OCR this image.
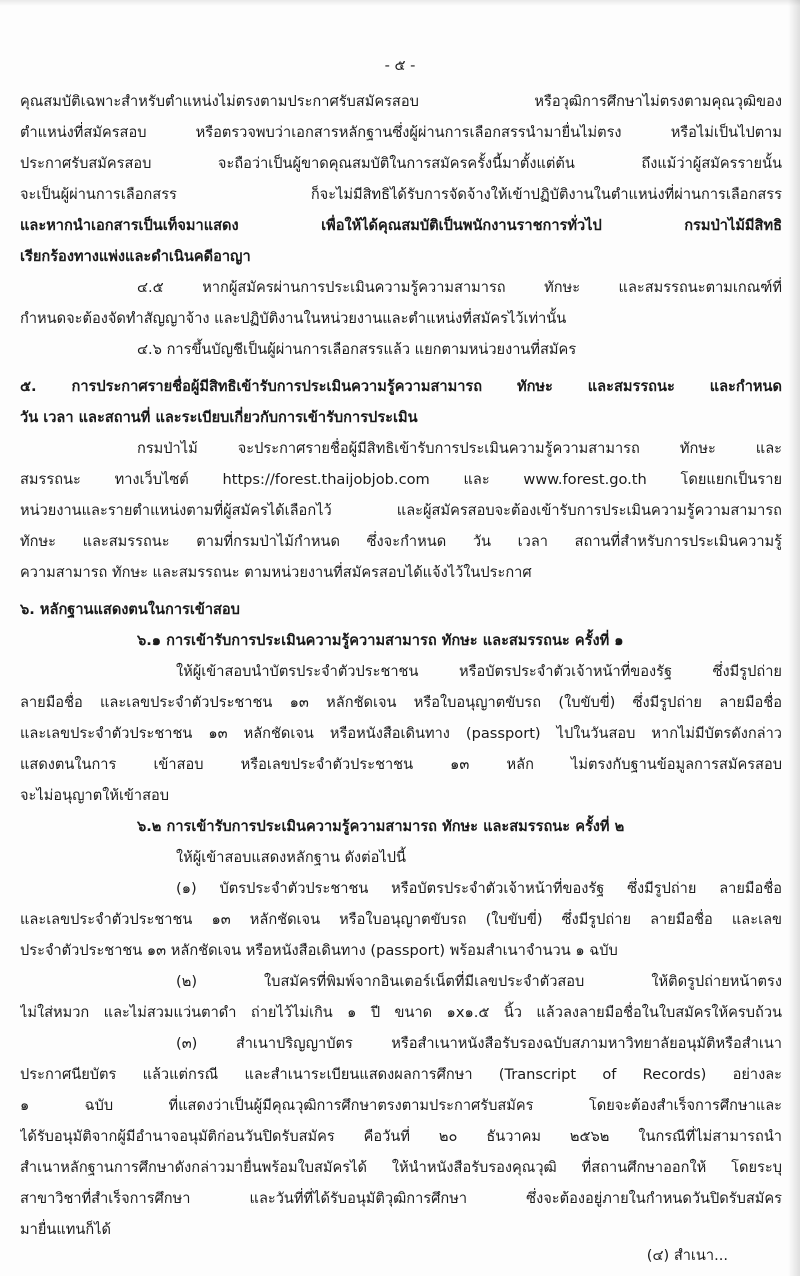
- ๕ -
คุณสมบัติเฉพาะสำหรับตำแหน่งไม่ตรงตามประกาศรับสมัครสอบ หรือวุฒิการศึกษาไม่ตรงตามคุณวุฒิของ
ตำแหน่งที่สมัครสอบ หรือตรวจพบว่าเอกสารหลักฐานซึ่งผู้ผ่านการเลือกสรรนำมายื่นไม่ตรง หรือไม่เป็นไปตาม
ประกาศรับสมัครสอบ จะถือว่าเป็นผู้ขาดคุณสมบัติในการสมัครครั้งนี้มาตั้งแต่ต้น ถึงแม้ว่าผู้สมัครรายนั้น
จะเป็นผู้ผ่านการเลือกสรร ก็จะไม่มีสิทธิได้รับการจัดจ้างให้เข้าปฏิบัติงานในตำแหน่งที่ผ่านการเลือกสรร
และหากนำเอกสารเป็นเท็จมาแสดง เพื่อให้ได้คุณสมบัติเป็นพนักงานราชการทั่วไป กรมป่าไม้มีสิทธิ
เรียกร้องทางแพ่งและดำเนินคดีอาญา
๔.๕ หากผู้สมัครผ่านการประเมินความรู้ความสามารถ ทักษะ และสมรรถนะตามเกณฑ์ที่
กำหนดจะต้องจัดทำสัญญาจ้าง และปฏิบัติงานในหน่วยงานและตำแหน่งที่สมัครไว้เท่านั้น
๔.๖ การขึ้นบัญชีเป็นผู้ผ่านการเลือกสรรแล้ว แยกตามหน่วยงานที่สมัคร
๕. การประกาศรายชื่อผู้มีสิทธิเข้ารับการประเมินความรู้ความสามารถ ทักษะ และสมรรถนะ และกำหนด
วัน เวลา และสถานที่ และระเบียบเกี่ยวกับการเข้ารับการประเมิน
กรมป่าไม้ จะประกาศรายชื่อผู้มีสิทธิเข้ารับการประเมินความรู้ความสามารถ ทักษะ และ
สมรรถนะ ทางเว็บไซต์ https://forest.thaijobjob.com และ www.forest.go.th โดยแยกเป็นราย
หน่วยงานและรายตำแหน่งตามที่ผู้สมัครได้เลือกไว้ และผู้สมัครสอบจะต้องเข้ารับการประเมินความรู้ความสามารถ
ทักษะ และสมรรถนะ ตามที่กรมป่าไม้กำหนด ซึ่งจะกำหนด วัน เวลา สถานที่สำหรับการประเมินความรู้
ความสามารถ ทักษะ และสมรรถนะ ตามหน่วยงานที่สมัครสอบได้แจ้งไว้ในประกาศ
๖. หลักฐานแสดงตนในการเข้าสอบ
๖.๑ การเข้ารับการประเมินความรู้ความสามารถ ทักษะ และสมรรถนะ ครั้งที่ ๑
ให้ผู้เข้าสอบนำบัตรประจำตัวประชาชน หรือบัตรประจำตัวเจ้าหน้าที่ของรัฐ ซึ่งมีรูปถ่าย
ลายมือชื่อ และเลขประจำตัวประชาชน ๑๓ หลักชัดเจน หรือใบอนุญาตขับรถ (ใบขับขี่) ซึ่งมีรูปถ่าย ลายมือชื่อ
และเลขประจำตัวประชาชน ๑๓ หลักชัดเจน หรือหนังสือเดินทาง (passport) ไปในวันสอบ หากไม่มีบัตรดังกล่าว
แสดงตนในการ เข้าสอบ หรือเลขประจำตัวประชาชน ๑๓ หลัก ไม่ตรงกับฐานข้อมูลการสมัครสอบ
จะไม่อนุญาตให้เข้าสอบ
๖.๒ การเข้ารับการประเมินความรู้ความสามารถ ทักษะ และสมรรถนะ ครั้งที่ ๒
ให้ผู้เข้าสอบแสดงหลักฐาน ดังต่อไปนี้
(๑) บัตรประจำตัวประชาชน หรือบัตรประจำตัวเจ้าหน้าที่ของรัฐ ซึ่งมีรูปถ่าย ลายมือชื่อ
และเลขประจำตัวประชาชน ๑๓ หลักชัดเจน หรือใบอนุญาตขับรถ (ใบขับขี่) ซึ่งมีรูปถ่าย ลายมือชื่อ และเลข
ประจำตัวประชาชน ๑๓ หลักชัดเจน หรือหนังสือเดินทาง (passport) พร้อมสำเนาจำนวน ๑ ฉบับ
(๒) ใบสมัครที่พิมพ์จากอินเตอร์เน็ตที่มีเลขประจำตัวสอบ ให้ติดรูปถ่ายหน้าตรง
ไม่ใส่หมวก และไม่สวมแว่นตาดำ ถ่ายไว้ไม่เกิน ๑ ปี ขนาด ๑x๑.๕ นิ้ว แล้วลงลายมือชื่อในใบสมัครให้ครบถ้วน
(๓) สำเนาปริญญาบัตร หรือสำเนาหนังสือรับรองฉบับสภามหาวิทยาลัยอนุมัติหรือสำเนา
ประกาศนียบัตร แล้วแต่กรณี และสำเนาระเบียนแสดงผลการศึกษา (Transcript of Records) อย่างละ
๑ ฉบับ ที่แสดงว่าเป็นผู้มีคุณวุฒิการศึกษาตรงตามประกาศรับสมัคร โดยจะต้องสำเร็จการศึกษาและ
ได้รับอนุมัติจากผู้มีอำนาจอนุมัติก่อนวันปิดรับสมัคร คือวันที่ ๒๐ ธันวาคม ๒๕๖๒ ในกรณีที่ไม่สามารถนำ
สำเนาหลักฐานการศึกษาดังกล่าวมายื่นพร้อมใบสมัครได้ ให้นำหนังสือรับรองคุณวุฒิ ที่สถานศึกษาออกให้ โดยระบุ
สาขาวิชาที่สำเร็จการศึกษา และวันที่ที่ได้รับอนุมัติวุฒิการศึกษา ซึ่งจะต้องอยู่ภายในกำหนดวันปิดรับสมัคร
มายื่นแทนก็ได้
(๔) สำเนา...
